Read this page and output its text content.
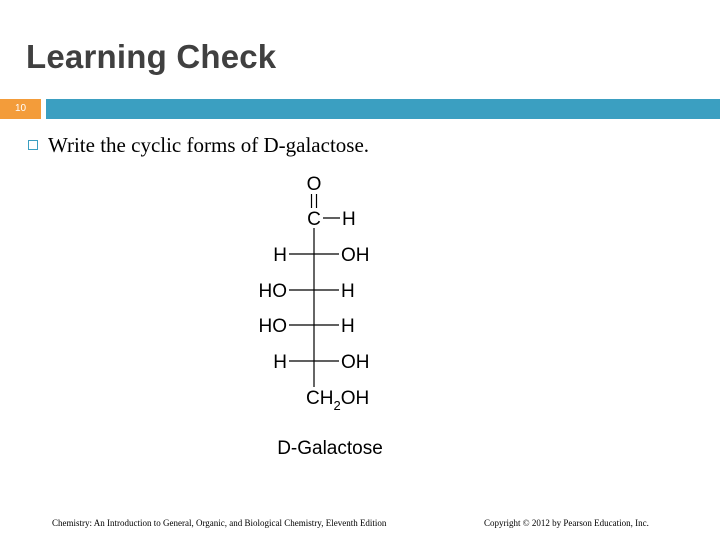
Learning Check
10
Write the cyclic forms of D-galactose.
O
C H
H	OH
HO	H
HO	H
H	OH
$CH_2OH$
D-Galactose
Chemistry: An Introduction to General, Organic, and Biological Chemistry, Eleventh Edition	Copyright © 2012 by Pearson Education, Inc.
